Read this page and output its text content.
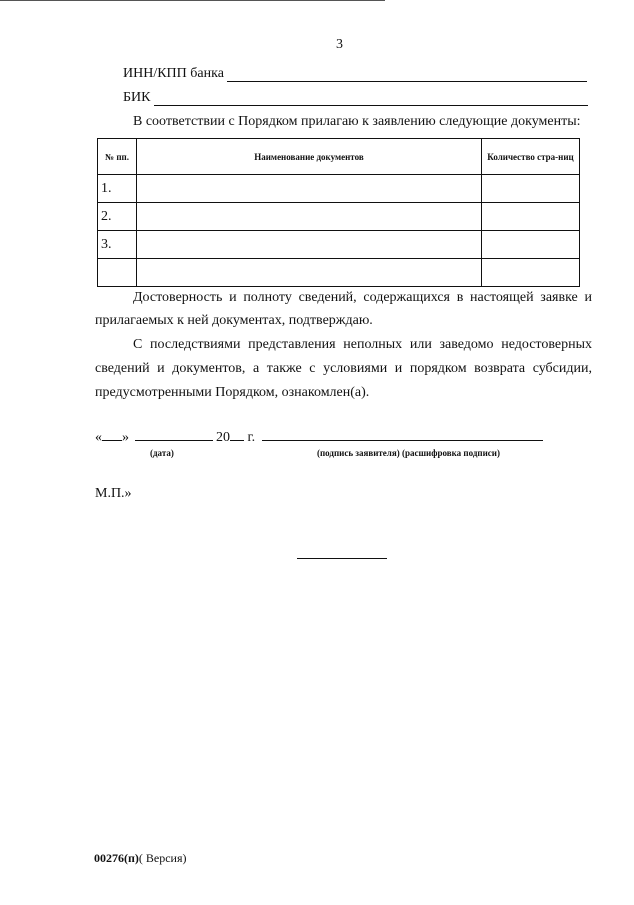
3
ИНН/КПП банка
БИК
В соответствии с Порядком прилагаю к заявлению следующие документы:
№ пп.	Наименование документов	Количество стра-ниц
1.		
2.		
3.		

Достоверность и полноту сведений, содержащихся в настоящей заявке и
прилагаемых к ней документах, подтверждаю.
С последствиями представления неполных или заведомо недостоверных
сведений и документов, а также с условиями и порядком возврата субсидии,
предусмотренными Порядком, ознакомлен(а).
« »	20 г.
(дата)	(подпись заявителя) (расшифровка подписи)
М.П.»
00276(п)( Версия)
